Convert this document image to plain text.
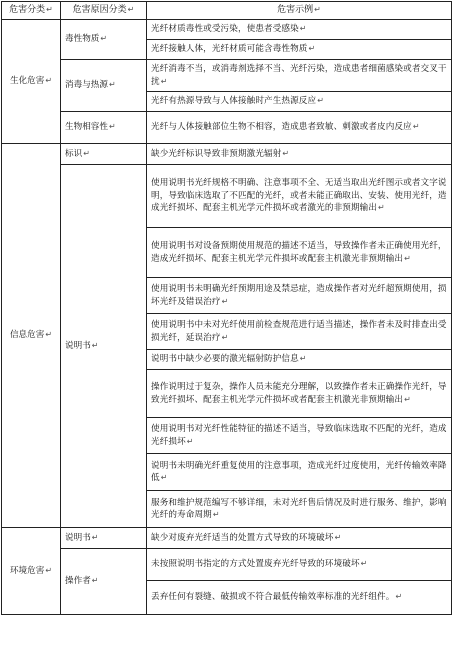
危害分类↵	危害原因分类↵	危害示例↵
生化危害↵	毒性物质↵	光纤材质毒性或受污染，使患者受感染↵
		光纤接触人体，光纤材质可能含毒性物质↵
	消毒与热源↵	光纤消毒不当，或消毒剂选择不当、光纤污染，造成患者细菌感染或者交叉干扰↵
		光纤有热源导致与人体接触时产生热源反应↵
	生物相容性↵	光纤与人体接触部位生物不相容，造成患者致敏、刺激或者皮内反应↵
信息危害↵	标识↵	缺少光纤标识导致非预期激光辐射↵
	说明书↵	使用说明书光纤规格不明确、注意事项不全、无适当取出光纤图示或者文字说明，导致临床选取了不匹配的光纤，或者未能正确取出、安装、使用光纤，造成光纤损坏、配套主机光学元件损坏或者激光的非预期输出↵
		使用说明书对设备预期使用规范的描述不适当，导致操作者未正确使用光纤，造成光纤损坏、配套主机光学元件损坏或配套主机激光非预期输出↵
		使用说明书未明确光纤预期用途及禁忌症，造成操作者对光纤超预期使用，损坏光纤及错误治疗↵
		使用说明书中未对光纤使用前检查规范进行适当描述，操作者未及时排查出受损光纤，延误治疗↵
		说明书中缺少必要的激光辐射防护信息↵
		操作说明过于复杂，操作人员未能充分理解，以致操作者未正确操作光纤，导致光纤损坏、配套主机光学元件损坏或者配套主机激光非预期输出↵
		使用说明书对光纤性能特征的描述不适当，导致临床选取不匹配的光纤，造成光纤损坏↵
		说明书未明确光纤重复使用的注意事项，造成光纤过度使用，光纤传输效率降低↵
		服务和维护规范编写不够详细，未对光纤售后情况及时进行服务、维护，影响光纤的寿命周期↵
环境危害↵	说明书↵	缺少对废弃光纤适当的处置方式导致的环境破坏↵
	操作者↵	未按照说明书指定的方式处置废弃光纤导致的环境破坏↵
		丢弃任何有裂缝、破损或不符合最低传输效率标准的光纤组件。↵
